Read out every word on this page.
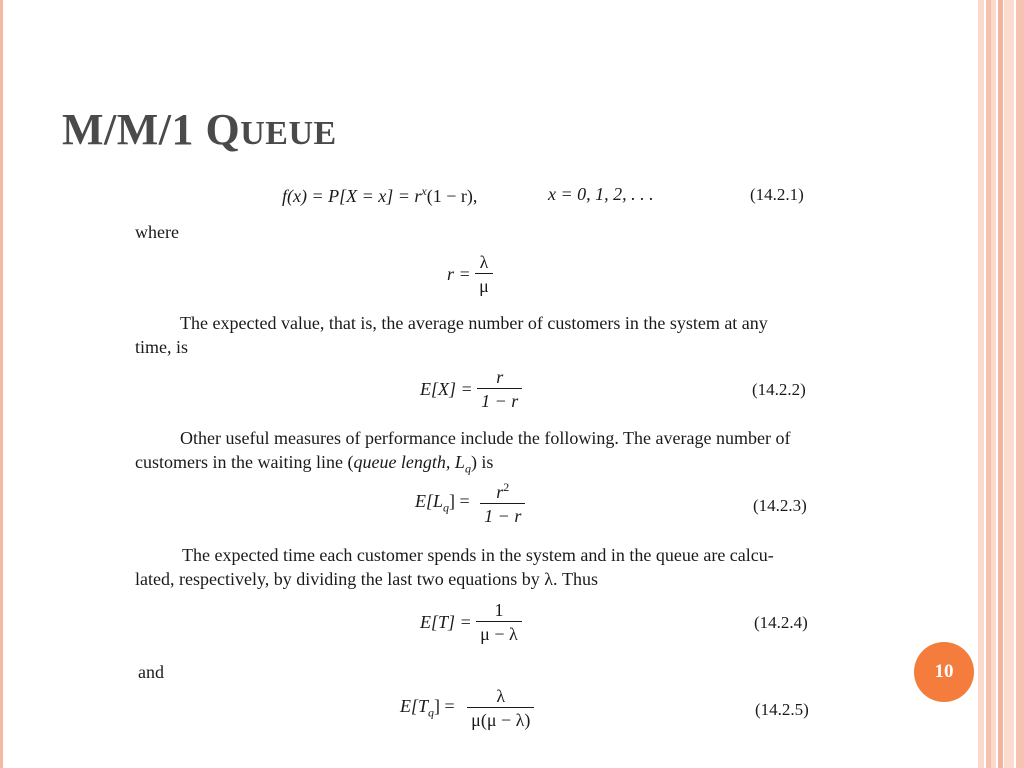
M/M/1 QUEUE
$f(x) = P[X = x] = r^x(1 - r)$,	x = 0, 1, 2, . . .	(14.2.1)
where
$r = \frac{\lambda}{\mu}$
The expected value, that is, the average number of customers in the system at any
time, is
$E[X] = \frac{r}{1 - r}$	(14.2.2)
Other useful measures of performance include the following. The average number of
customers in the waiting line (queue length, $L_q$) is
$E[L_q] = \frac{r^2}{1 - r}$	(14.2.3)
The expected time each customer spends in the system and in the queue are calcu-
lated, respectively, by dividing the last two equations by λ. Thus
$E[T] = \frac{1}{\mu - \lambda}$	(14.2.4)
and
$E[T_q] = \frac{\lambda}{\mu(\mu - \lambda)}$	(14.2.5)
10
